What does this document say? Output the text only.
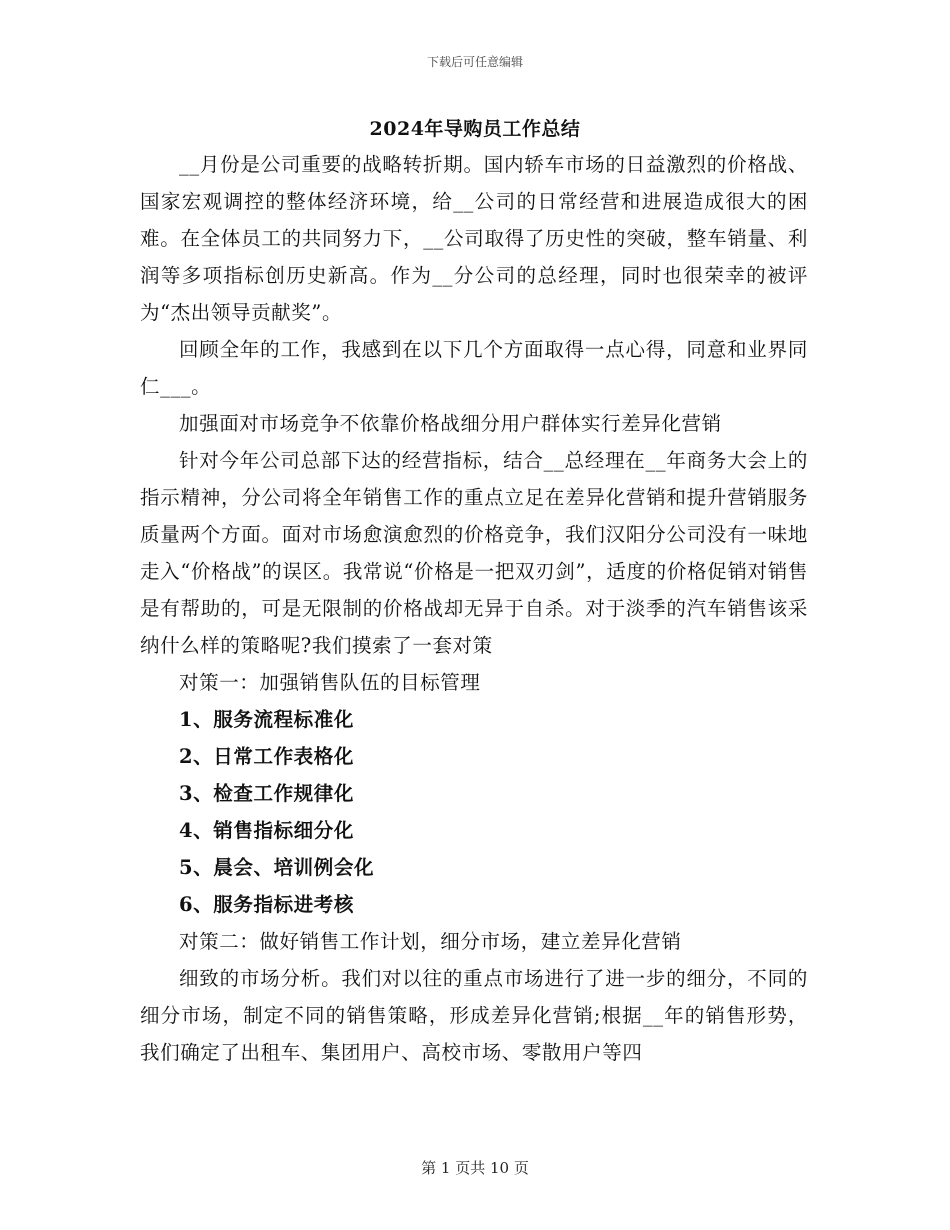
下载后可任意编辑
2024年导购员工作总结

__月份是公司重要的战略转折期。国内轿车市场的日益激烈的价格战、国家宏观调控的整体经济环境，给__公司的日常经营和进展造成很大的困难。在全体员工的共同努力下，__公司取得了历史性的突破，整车销量、利润等多项指标创历史新高。作为__分公司的总经理，同时也很荣幸的被评为“杰出领导贡献奖”。

回顾全年的工作，我感到在以下几个方面取得一点心得，同意和业界同仁___。

加强面对市场竞争不依靠价格战细分用户群体实行差异化营销

针对今年公司总部下达的经营指标，结合__总经理在__年商务大会上的指示精神，分公司将全年销售工作的重点立足在差异化营销和提升营销服务质量两个方面。面对市场愈演愈烈的价格竞争，我们汉阳分公司没有一味地走入“价格战”的误区。我常说“价格是一把双刃剑”，适度的价格促销对销售是有帮助的，可是无限制的价格战却无异于自杀。对于淡季的汽车销售该采纳什么样的策略呢?我们摸索了一套对策

对策一：加强销售队伍的目标管理

1、服务流程标准化

2、日常工作表格化

3、检查工作规律化

4、销售指标细分化

5、晨会、培训例会化

6、服务指标进考核

对策二：做好销售工作计划，细分市场，建立差异化营销

细致的市场分析。我们对以往的重点市场进行了进一步的细分，不同的细分市场，制定不同的销售策略，形成差异化营销;根据__年的销售形势，我们确定了出租车、集团用户、高校市场、零散用户等四

第 1 页共 10 页
